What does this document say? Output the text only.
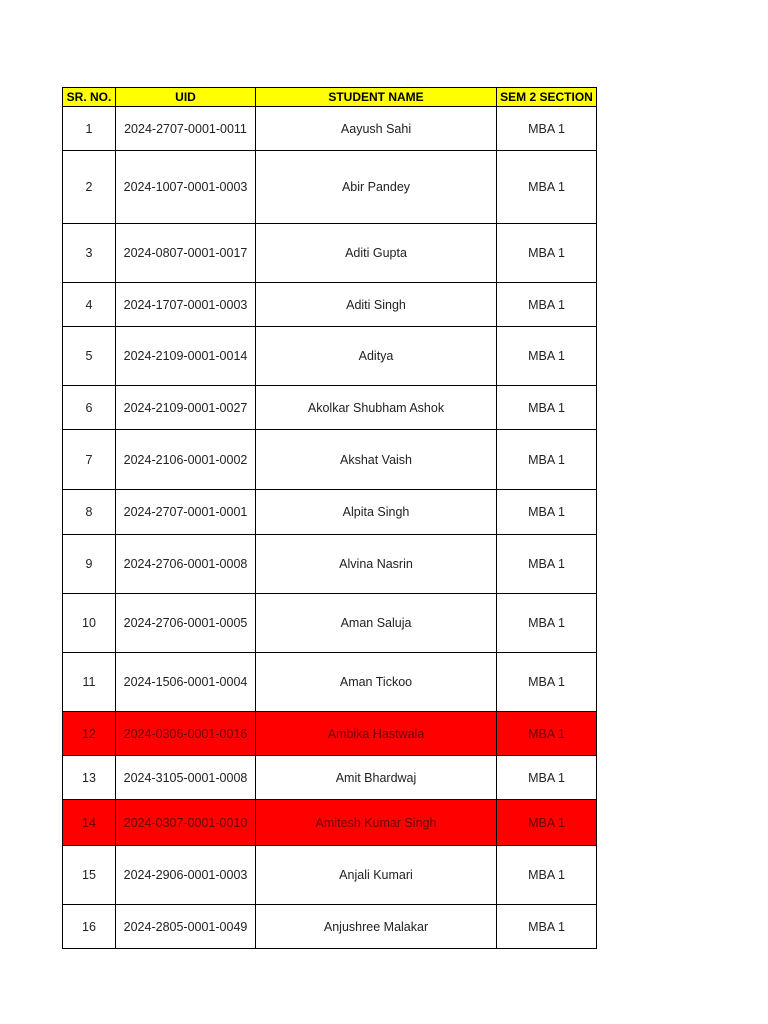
SR. NO.	UID	STUDENT NAME	SEM 2 SECTION
1	2024-2707-0001-0011	Aayush Sahi	MBA 1
2	2024-1007-0001-0003	Abir Pandey	MBA 1
3	2024-0807-0001-0017	Aditi Gupta	MBA 1
4	2024-1707-0001-0003	Aditi Singh	MBA 1
5	2024-2109-0001-0014	Aditya	MBA 1
6	2024-2109-0001-0027	Akolkar Shubham Ashok	MBA 1
7	2024-2106-0001-0002	Akshat Vaish	MBA 1
8	2024-2707-0001-0001	Alpita Singh	MBA 1
9	2024-2706-0001-0008	Alvina Nasrin	MBA 1
10	2024-2706-0001-0005	Aman Saluja	MBA 1
11	2024-1506-0001-0004	Aman Tickoo	MBA 1
12	2024-0306-0001-0016	Ambika Hastwala	MBA 1
13	2024-3105-0001-0008	Amit Bhardwaj	MBA 1
14	2024-0307-0001-0010	Amitesh Kumar Singh	MBA 1
15	2024-2906-0001-0003	Anjali Kumari	MBA 1
16	2024-2805-0001-0049	Anjushree Malakar	MBA 1
